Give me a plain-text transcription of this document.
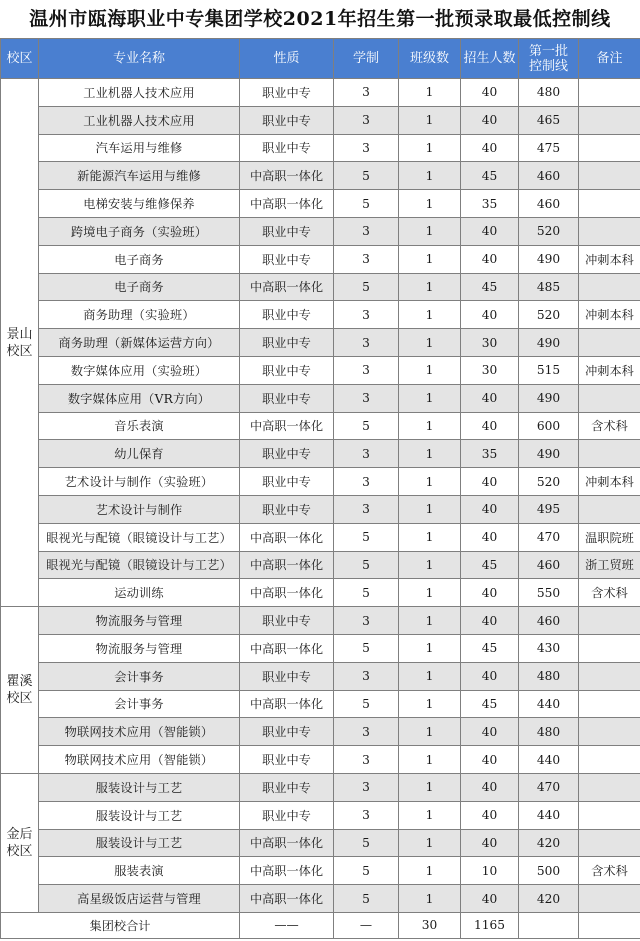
温州市瓯海职业中专集团学校2021年招生第一批预录取最低控制线
校区	专业名称	性质	学制	班级数	招生人数	第一批控制线	备注
景山
校区	工业机器人技术应用	职业中专	3	1	40	480	
	工业机器人技术应用	职业中专	3	1	40	465	
	汽车运用与维修	职业中专	3	1	40	475	
	新能源汽车运用与维修	中高职一体化	5	1	45	460	
	电梯安装与维修保养	中高职一体化	5	1	35	460	
	跨境电子商务（实验班）	职业中专	3	1	40	520	
	电子商务	职业中专	3	1	40	490	冲刺本科
	电子商务	中高职一体化	5	1	45	485	
	商务助理（实验班）	职业中专	3	1	40	520	冲刺本科
	商务助理（新媒体运营方向）	职业中专	3	1	30	490	
	数字媒体应用（实验班）	职业中专	3	1	30	515	冲刺本科
	数字媒体应用（VR方向）	职业中专	3	1	40	490	
	音乐表演	中高职一体化	5	1	40	600	含术科
	幼儿保育	职业中专	3	1	35	490	
	艺术设计与制作（实验班）	职业中专	3	1	40	520	冲刺本科
	艺术设计与制作	职业中专	3	1	40	495	
	眼视光与配镜（眼镜设计与工艺）	中高职一体化	5	1	40	470	温职院班
	眼视光与配镜（眼镜设计与工艺）	中高职一体化	5	1	45	460	浙工贸班
	运动训练	中高职一体化	5	1	40	550	含术科
瞿溪
校区	物流服务与管理	职业中专	3	1	40	460	
	物流服务与管理	中高职一体化	5	1	45	430	
	会计事务	职业中专	3	1	40	480	
	会计事务	中高职一体化	5	1	45	440	
	物联网技术应用（智能锁）	职业中专	3	1	40	480	
	物联网技术应用（智能锁）	职业中专	3	1	40	440	
金后
校区	服装设计与工艺	职业中专	3	1	40	470	
	服装设计与工艺	职业中专	3	1	40	440	
	服装设计与工艺	中高职一体化	5	1	40	420	
	服装表演	中高职一体化	5	1	10	500	含术科
	高星级饭店运营与管理	中高职一体化	5	1	40	420	
集团校合计		——	—	30	1165		
